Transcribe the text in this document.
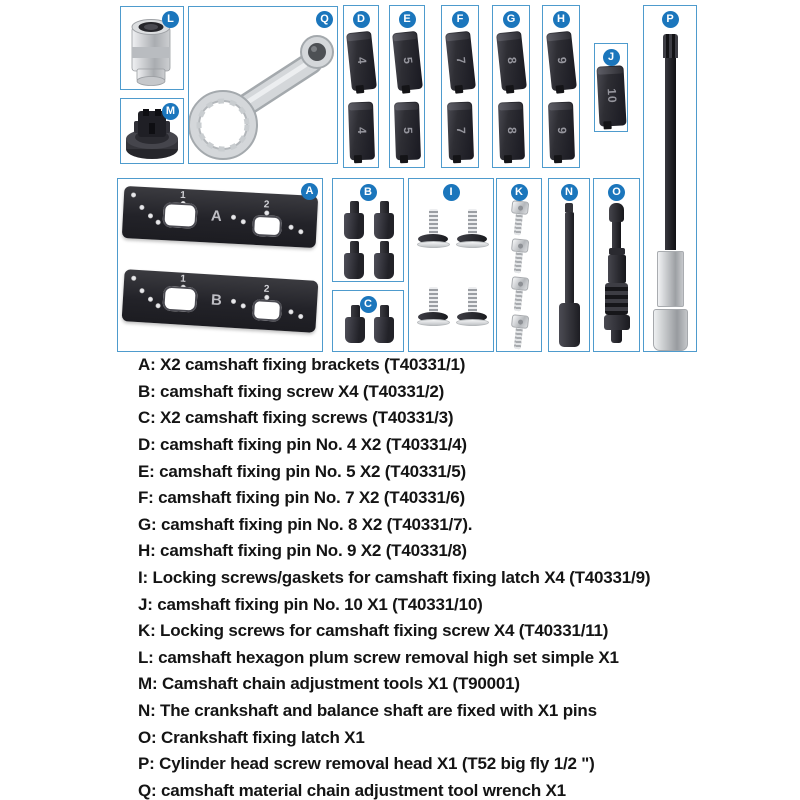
L
M
Q	D
4
4
E
5
5
F
7
7
G
8
8
H
9
9
J
10
P
A
1
A
2
1
B
2
B
C
I	K	N	O
A: X2 camshaft fixing brackets (T40331/1)
B: camshaft fixing screw X4 (T40331/2)
C: X2 camshaft fixing screws (T40331/3)
D: camshaft fixing pin No. 4 X2 (T40331/4)
E: camshaft fixing pin No. 5 X2 (T40331/5)
F: camshaft fixing pin No. 7 X2 (T40331/6)
G: camshaft fixing pin No. 8 X2 (T40331/7).
H: camshaft fixing pin No. 9 X2 (T40331/8)
I: Locking screws/gaskets for camshaft fixing latch X4 (T40331/9)
J: camshaft fixing pin No. 10 X1 (T40331/10)
K: Locking screws for camshaft fixing screw X4 (T40331/11)
L: camshaft hexagon plum screw removal high set simple X1
M: Camshaft chain adjustment tools X1 (T90001)
N: The crankshaft and balance shaft are fixed with X1 pins
O: Crankshaft fixing latch X1
P: Cylinder head screw removal head X1 (T52 big fly 1/2 ")
Q: camshaft material chain adjustment tool wrench X1
